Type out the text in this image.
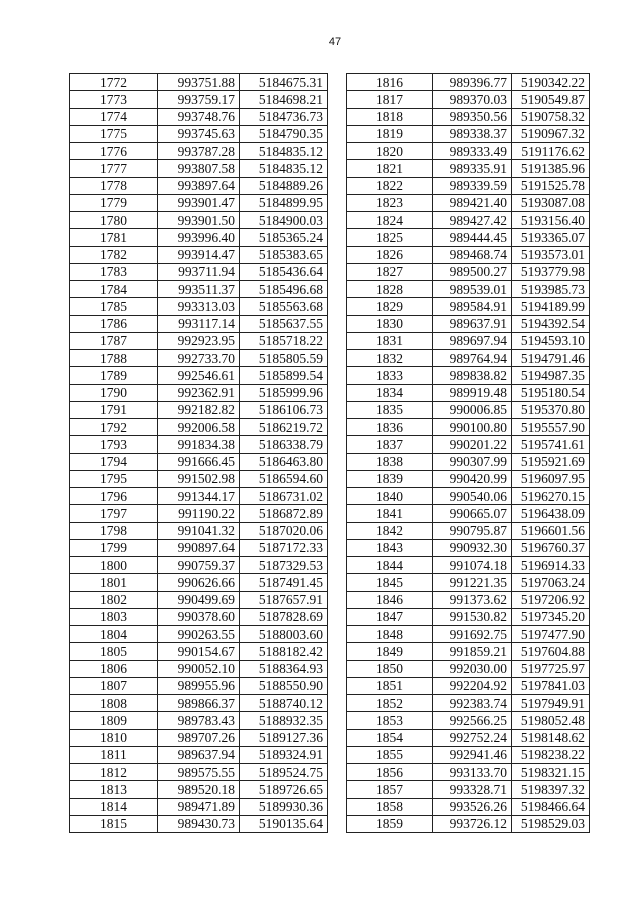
47
1772	993751.88	5184675.31
1773	993759.17	5184698.21
1774	993748.76	5184736.73
1775	993745.63	5184790.35
1776	993787.28	5184835.12
1777	993807.58	5184835.12
1778	993897.64	5184889.26
1779	993901.47	5184899.95
1780	993901.50	5184900.03
1781	993996.40	5185365.24
1782	993914.47	5185383.65
1783	993711.94	5185436.64
1784	993511.37	5185496.68
1785	993313.03	5185563.68
1786	993117.14	5185637.55
1787	992923.95	5185718.22
1788	992733.70	5185805.59
1789	992546.61	5185899.54
1790	992362.91	5185999.96
1791	992182.82	5186106.73
1792	992006.58	5186219.72
1793	991834.38	5186338.79
1794	991666.45	5186463.80
1795	991502.98	5186594.60
1796	991344.17	5186731.02
1797	991190.22	5186872.89
1798	991041.32	5187020.06
1799	990897.64	5187172.33
1800	990759.37	5187329.53
1801	990626.66	5187491.45
1802	990499.69	5187657.91
1803	990378.60	5187828.69
1804	990263.55	5188003.60
1805	990154.67	5188182.42
1806	990052.10	5188364.93
1807	989955.96	5188550.90
1808	989866.37	5188740.12
1809	989783.43	5188932.35
1810	989707.26	5189127.36
1811	989637.94	5189324.91
1812	989575.55	5189524.75
1813	989520.18	5189726.65
1814	989471.89	5189930.36
1815	989430.73	5190135.64
1816	989396.77	5190342.22
1817	989370.03	5190549.87
1818	989350.56	5190758.32
1819	989338.37	5190967.32
1820	989333.49	5191176.62
1821	989335.91	5191385.96
1822	989339.59	5191525.78
1823	989421.40	5193087.08
1824	989427.42	5193156.40
1825	989444.45	5193365.07
1826	989468.74	5193573.01
1827	989500.27	5193779.98
1828	989539.01	5193985.73
1829	989584.91	5194189.99
1830	989637.91	5194392.54
1831	989697.94	5194593.10
1832	989764.94	5194791.46
1833	989838.82	5194987.35
1834	989919.48	5195180.54
1835	990006.85	5195370.80
1836	990100.80	5195557.90
1837	990201.22	5195741.61
1838	990307.99	5195921.69
1839	990420.99	5196097.95
1840	990540.06	5196270.15
1841	990665.07	5196438.09
1842	990795.87	5196601.56
1843	990932.30	5196760.37
1844	991074.18	5196914.33
1845	991221.35	5197063.24
1846	991373.62	5197206.92
1847	991530.82	5197345.20
1848	991692.75	5197477.90
1849	991859.21	5197604.88
1850	992030.00	5197725.97
1851	992204.92	5197841.03
1852	992383.74	5197949.91
1853	992566.25	5198052.48
1854	992752.24	5198148.62
1855	992941.46	5198238.22
1856	993133.70	5198321.15
1857	993328.71	5198397.32
1858	993526.26	5198466.64
1859	993726.12	5198529.03
